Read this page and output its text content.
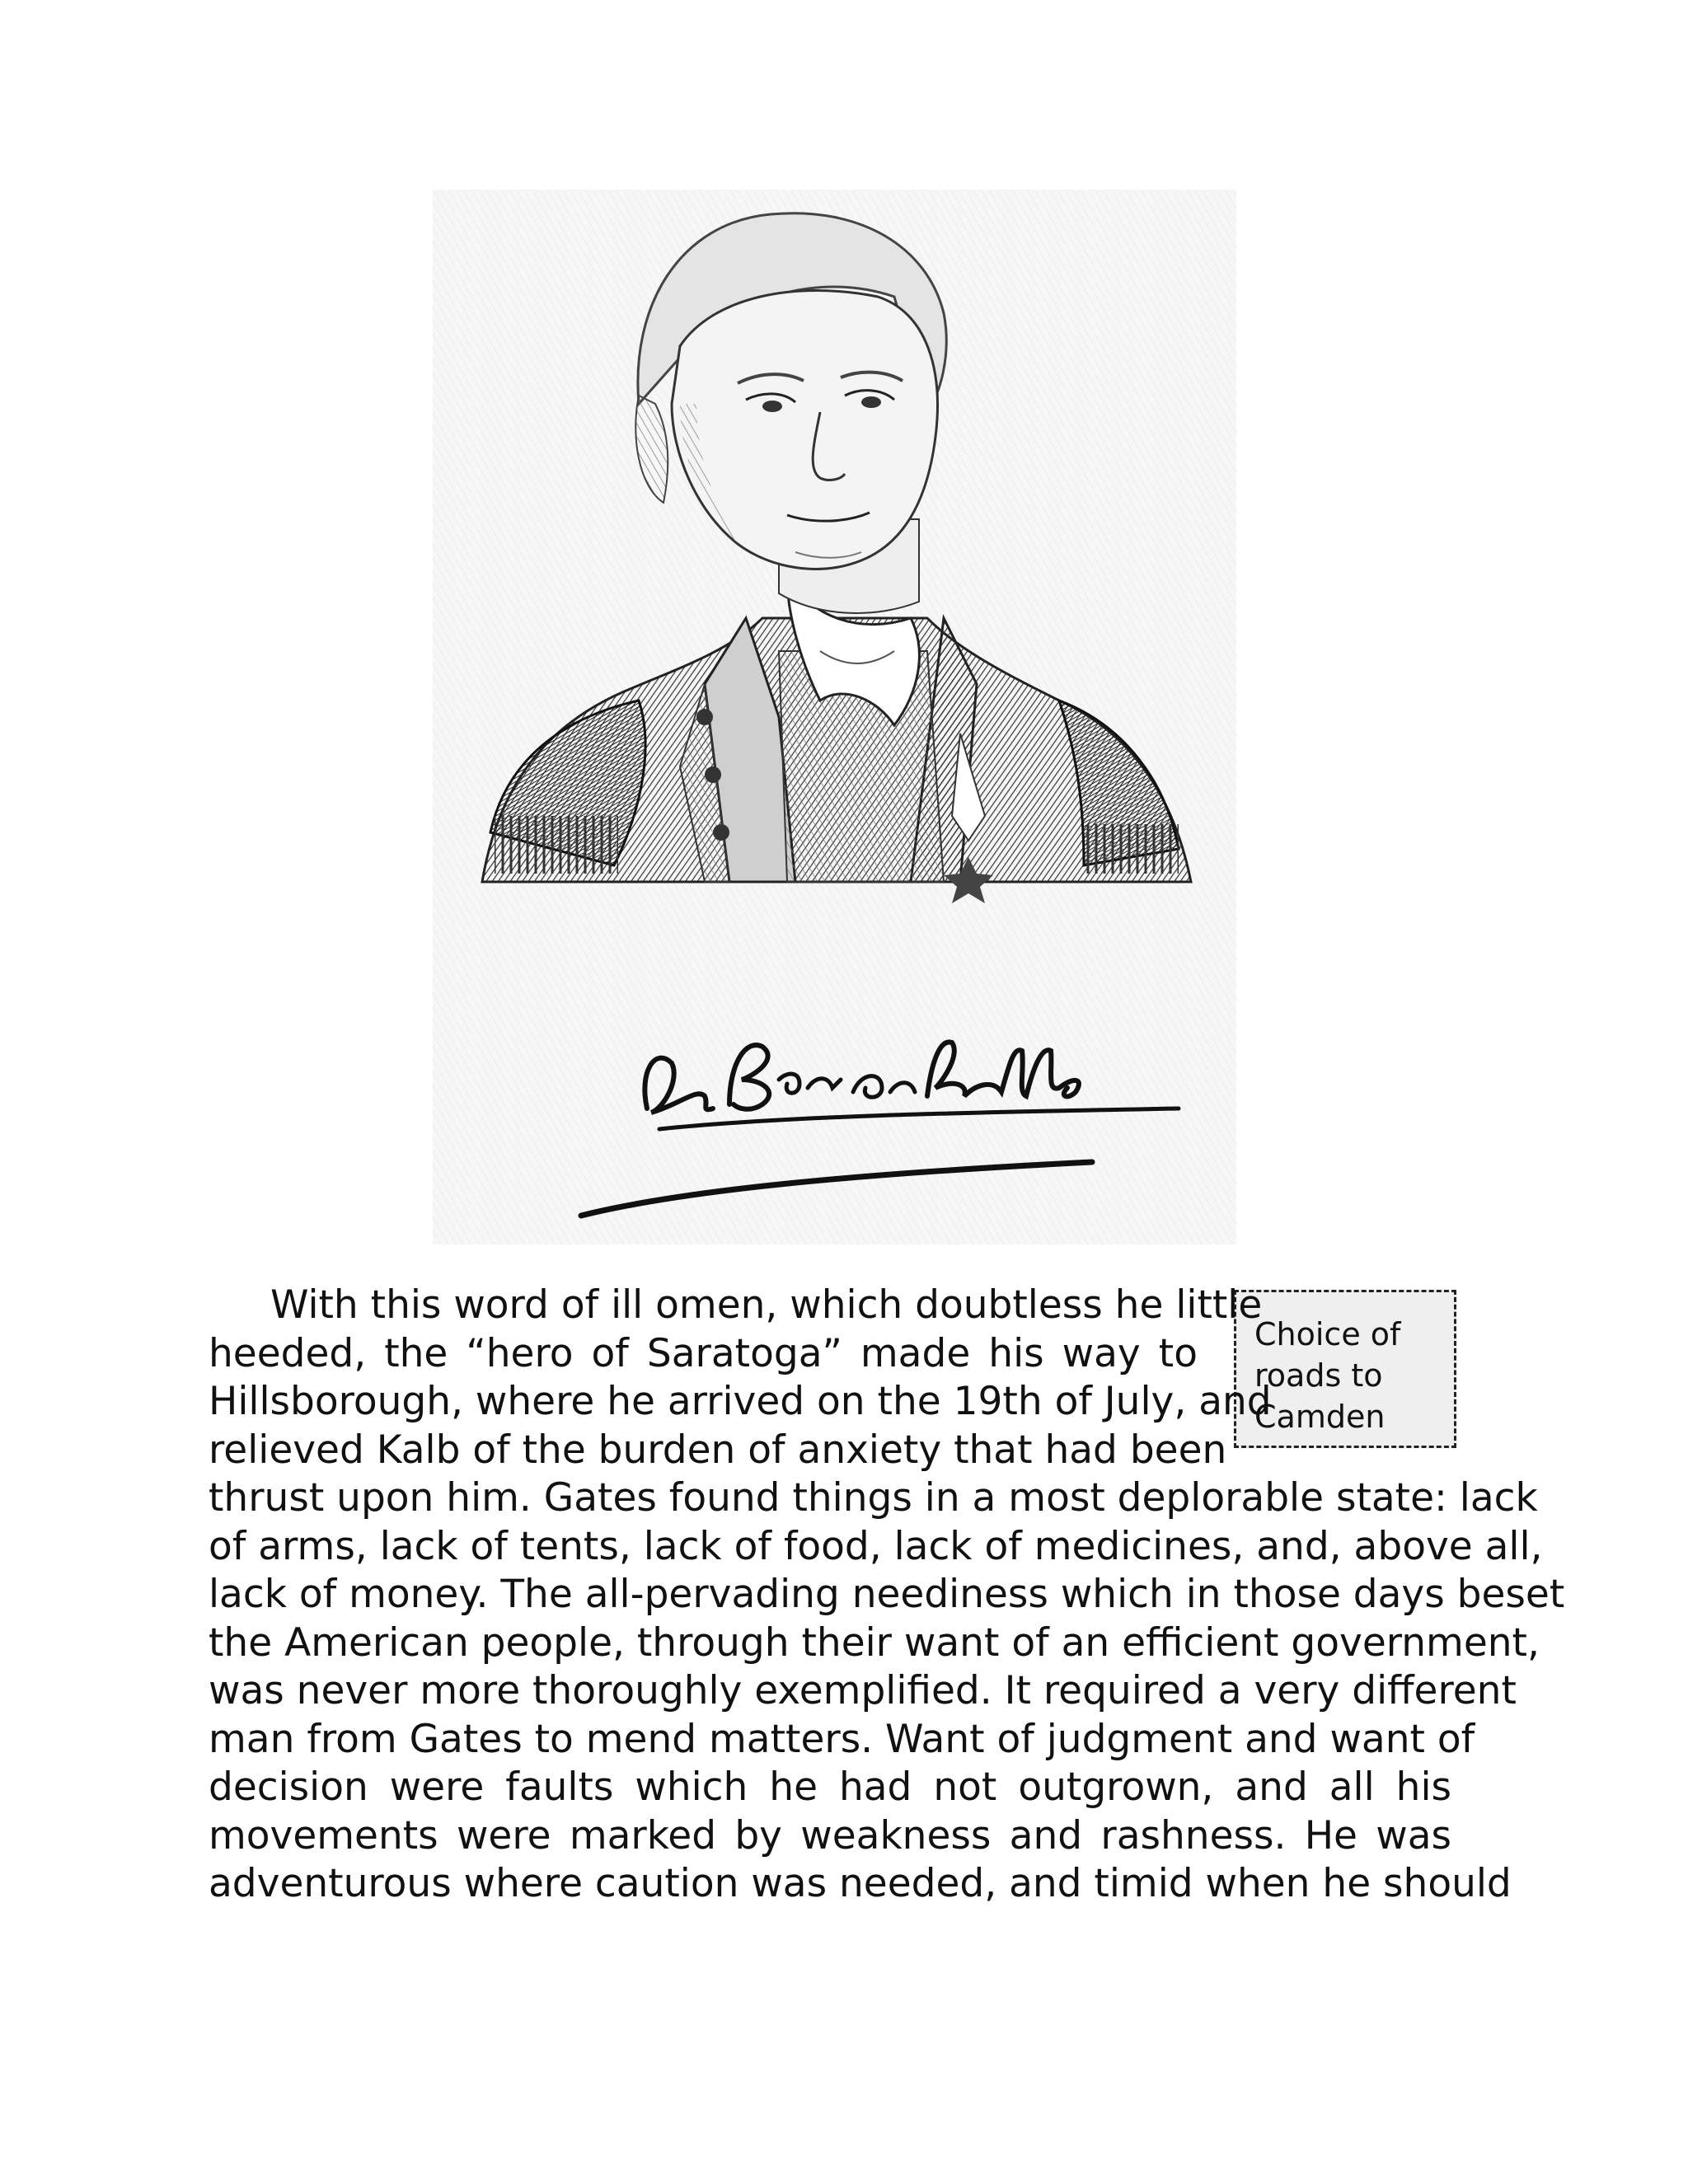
Choice of
roads to
Camden
With this word of ill omen, which doubtless he little
heeded, the “hero of Saratoga” made his way to
Hillsborough, where he arrived on the 19th of July, and
relieved Kalb of the burden of anxiety that had been
thrust upon him. Gates found things in a most deplorable state: lack
of arms, lack of tents, lack of food, lack of medicines, and, above all,
lack of money. The all-pervading neediness which in those days beset
the American people, through their want of an efficient government,
was never more thoroughly exemplified. It required a very different
man from Gates to mend matters. Want of judgment and want of
decision were faults which he had not outgrown, and all his
movements were marked by weakness and rashness. He was
adventurous where caution was needed, and timid when he should
